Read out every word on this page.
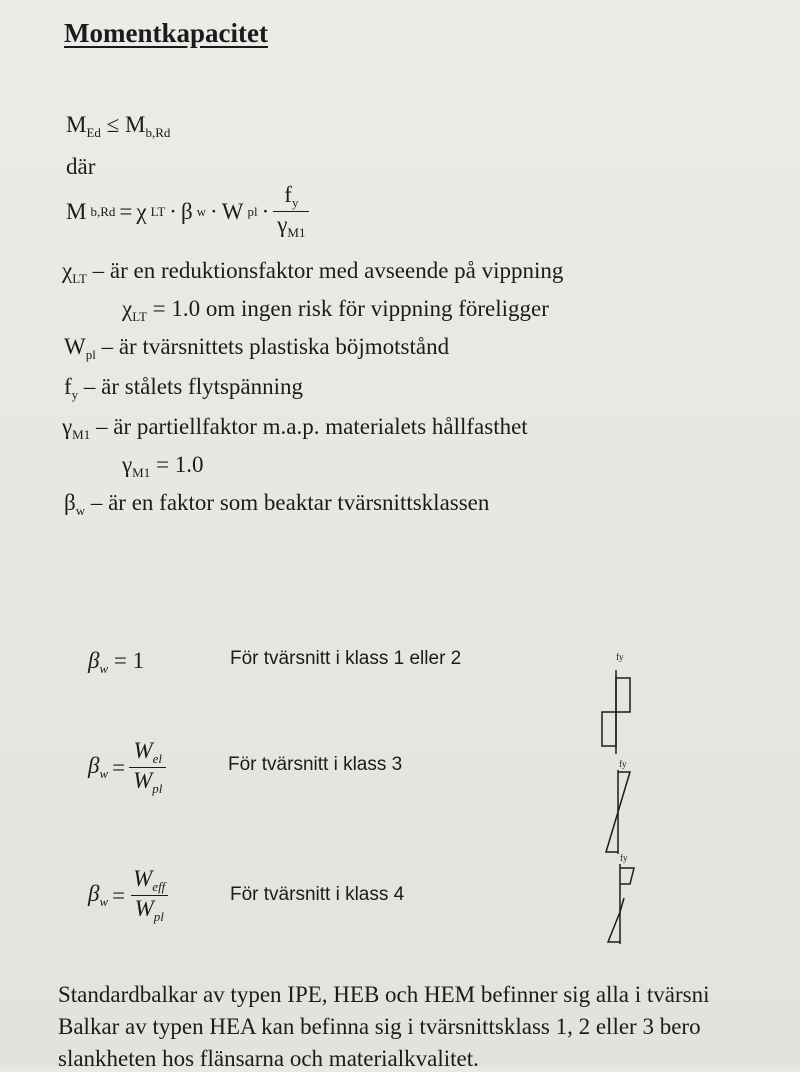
Momentkapacitet
$M_{Ed} \le M_{b,Rd}$
där
M b,Rd = χ LT · β w · W pl · $\frac{f_y}{\gamma_{M1}}$
$\chi_{LT}$ – är en reduktionsfaktor med avseende på vippning
$\chi_{LT} = 1.0$ om ingen risk för vippning föreligger
$W_{pl}$ – är tvärsnittets plastiska böjmotstånd
$f_y$ – är stålets flytspänning
$\gamma_{M1}$ – är partiellfaktor m.a.p. materialets hållfasthet
$\gamma_{M1} = 1.0$
$\beta_w$ – är en faktor som beaktar tvärsnittsklassen
$\beta_w = 1$	För tvärsnitt i klass 1 eller 2
$\beta_w = \frac{W_{el}}{W_{pl}}$	För tvärsnitt i klass 3
$\beta_w = \frac{W_{eff}}{W_{pl}}$	För tvärsnitt i klass 4
fy
fy
fy
Standardbalkar av typen IPE, HEB och HEM befinner sig alla i tvärsni
Balkar av typen HEA kan befinna sig i tvärsnittsklass 1, 2 eller 3 bero
slankheten hos flänsarna och materialkvalitet.
